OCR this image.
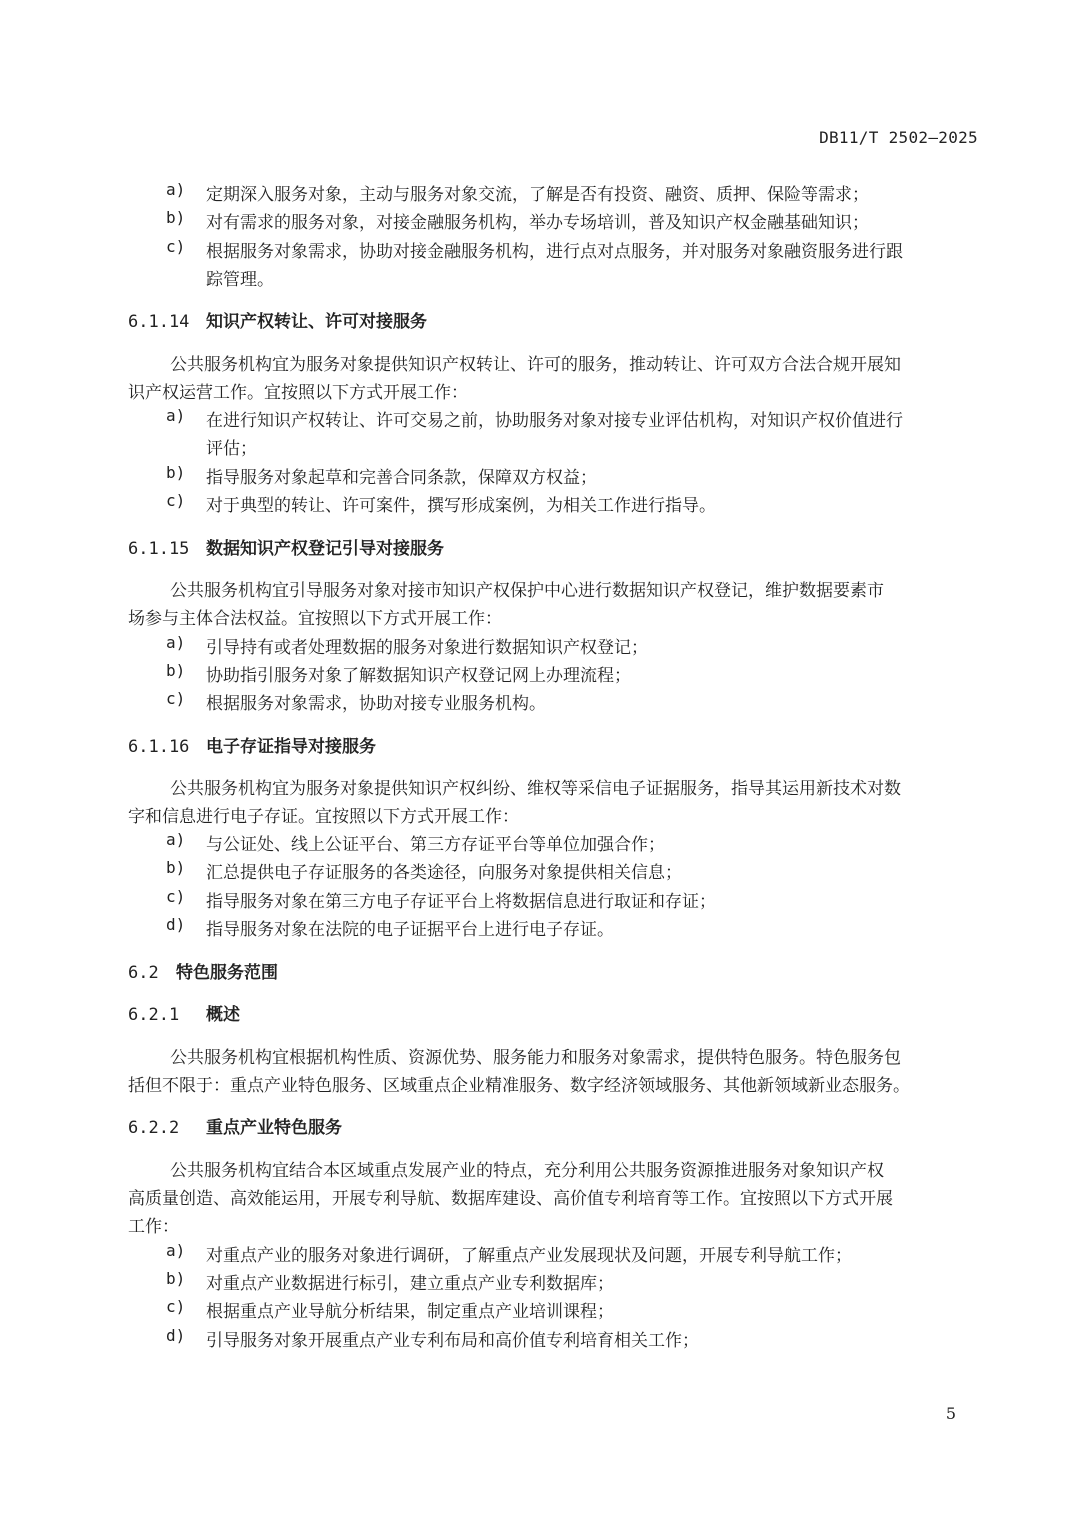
DB11/T 2502—2025
a) 定期深入服务对象，主动与服务对象交流，了解是否有投资、融资、质押、保险等需求；
b) 对有需求的服务对象，对接金融服务机构，举办专场培训，普及知识产权金融基础知识；
c) 根据服务对象需求，协助对接金融服务机构，进行点对点服务，并对服务对象融资服务进行跟
踪管理。
6.1.14 知识产权转让、许可对接服务
公共服务机构宜为服务对象提供知识产权转让、许可的服务，推动转让、许可双方合法合规开展知
识产权运营工作。宜按照以下方式开展工作：
a) 在进行知识产权转让、许可交易之前，协助服务对象对接专业评估机构，对知识产权价值进行
评估；
b) 指导服务对象起草和完善合同条款，保障双方权益；
c) 对于典型的转让、许可案件，撰写形成案例，为相关工作进行指导。
6.1.15 数据知识产权登记引导对接服务
公共服务机构宜引导服务对象对接市知识产权保护中心进行数据知识产权登记，维护数据要素市
场参与主体合法权益。宜按照以下方式开展工作：
a) 引导持有或者处理数据的服务对象进行数据知识产权登记；
b) 协助指引服务对象了解数据知识产权登记网上办理流程；
c) 根据服务对象需求，协助对接专业服务机构。
6.1.16 电子存证指导对接服务
公共服务机构宜为服务对象提供知识产权纠纷、维权等采信电子证据服务，指导其运用新技术对数
字和信息进行电子存证。宜按照以下方式开展工作：
a) 与公证处、线上公证平台、第三方存证平台等单位加强合作；
b) 汇总提供电子存证服务的各类途径，向服务对象提供相关信息；
c) 指导服务对象在第三方电子存证平台上将数据信息进行取证和存证；
d) 指导服务对象在法院的电子证据平台上进行电子存证。
6.2 特色服务范围
6.2.1 概述
公共服务机构宜根据机构性质、资源优势、服务能力和服务对象需求，提供特色服务。特色服务包
括但不限于：重点产业特色服务、区域重点企业精准服务、数字经济领域服务、其他新领域新业态服务。
6.2.2 重点产业特色服务
公共服务机构宜结合本区域重点发展产业的特点，充分利用公共服务资源推进服务对象知识产权
高质量创造、高效能运用，开展专利导航、数据库建设、高价值专利培育等工作。宜按照以下方式开展
工作：
a) 对重点产业的服务对象进行调研，了解重点产业发展现状及问题，开展专利导航工作；
b) 对重点产业数据进行标引，建立重点产业专利数据库；
c) 根据重点产业导航分析结果，制定重点产业培训课程；
d) 引导服务对象开展重点产业专利布局和高价值专利培育相关工作；
5
